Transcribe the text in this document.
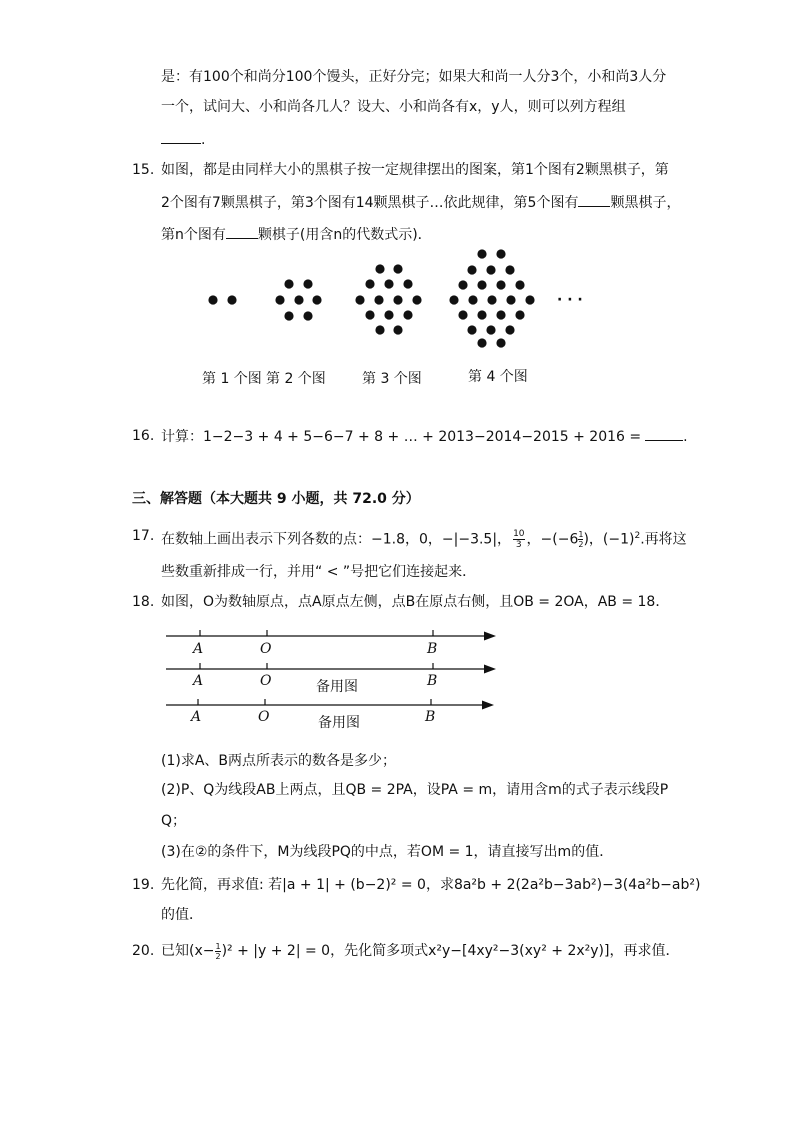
是：有100个和尚分100个馒头，正好分完；如果大和尚一人分3个，小和尚3人分
一个，试问大、小和尚各几人？设大、小和尚各有x，y人，则可以列方程组
.
15. 如图，都是由同样大小的黑棋子按一定规律摆出的图案，第1个图有2颗黑棋子，第
2个图有7颗黑棋子，第3个图有14颗黑棋子…依此规律，第5个图有 颗黑棋子，
第n个图有 颗棋子(用含n的代数式示)．
第 1 个图 第 2 个图	第 3 个图	第 4 个图
· · ·
16. 计算：1−2−3 + 4 + 5−6−7 + 8 + … + 2013−2014−2015 + 2016 =	.
三、解答题（本大题共 9 小题，共 72.0 分）
17. 在数轴上画出表示下列各数的点：−1.8，0，−|−3.5|， $\frac{10}{3}$ ，$-(-6 \frac{1}{2}$ )，$(-1)^2$.再将这
些数重新排成一行，并用“ < ”号把它们连接起来．
18. 如图，O为数轴原点，点A原点左侧，点B在原点右侧，且OB = 2OA，AB = 18．
A	O	B
A	O	B
备用图
A	O	B
备用图
(1)求A、B两点所表示的数各是多少；
(2)P、Q为线段AB上两点，且QB = 2PA，设PA = m，请用含m的式子表示线段P
Q；
(3)在②的条件下，M为线段PQ的中点，若OM = 1，请直接写出m的值．
19. 先化简，再求值: 若|a + 1| + (b−2)² = 0，求8a²b + 2(2a²b−3ab²)−3(4a²b−ab²)
的值．
20. 已知$(x- \frac{1}{2} )^2 + |y + 2| = 0$，先化简多项式x²y−[4xy²−3(xy² + 2x²y)]，再求值．
